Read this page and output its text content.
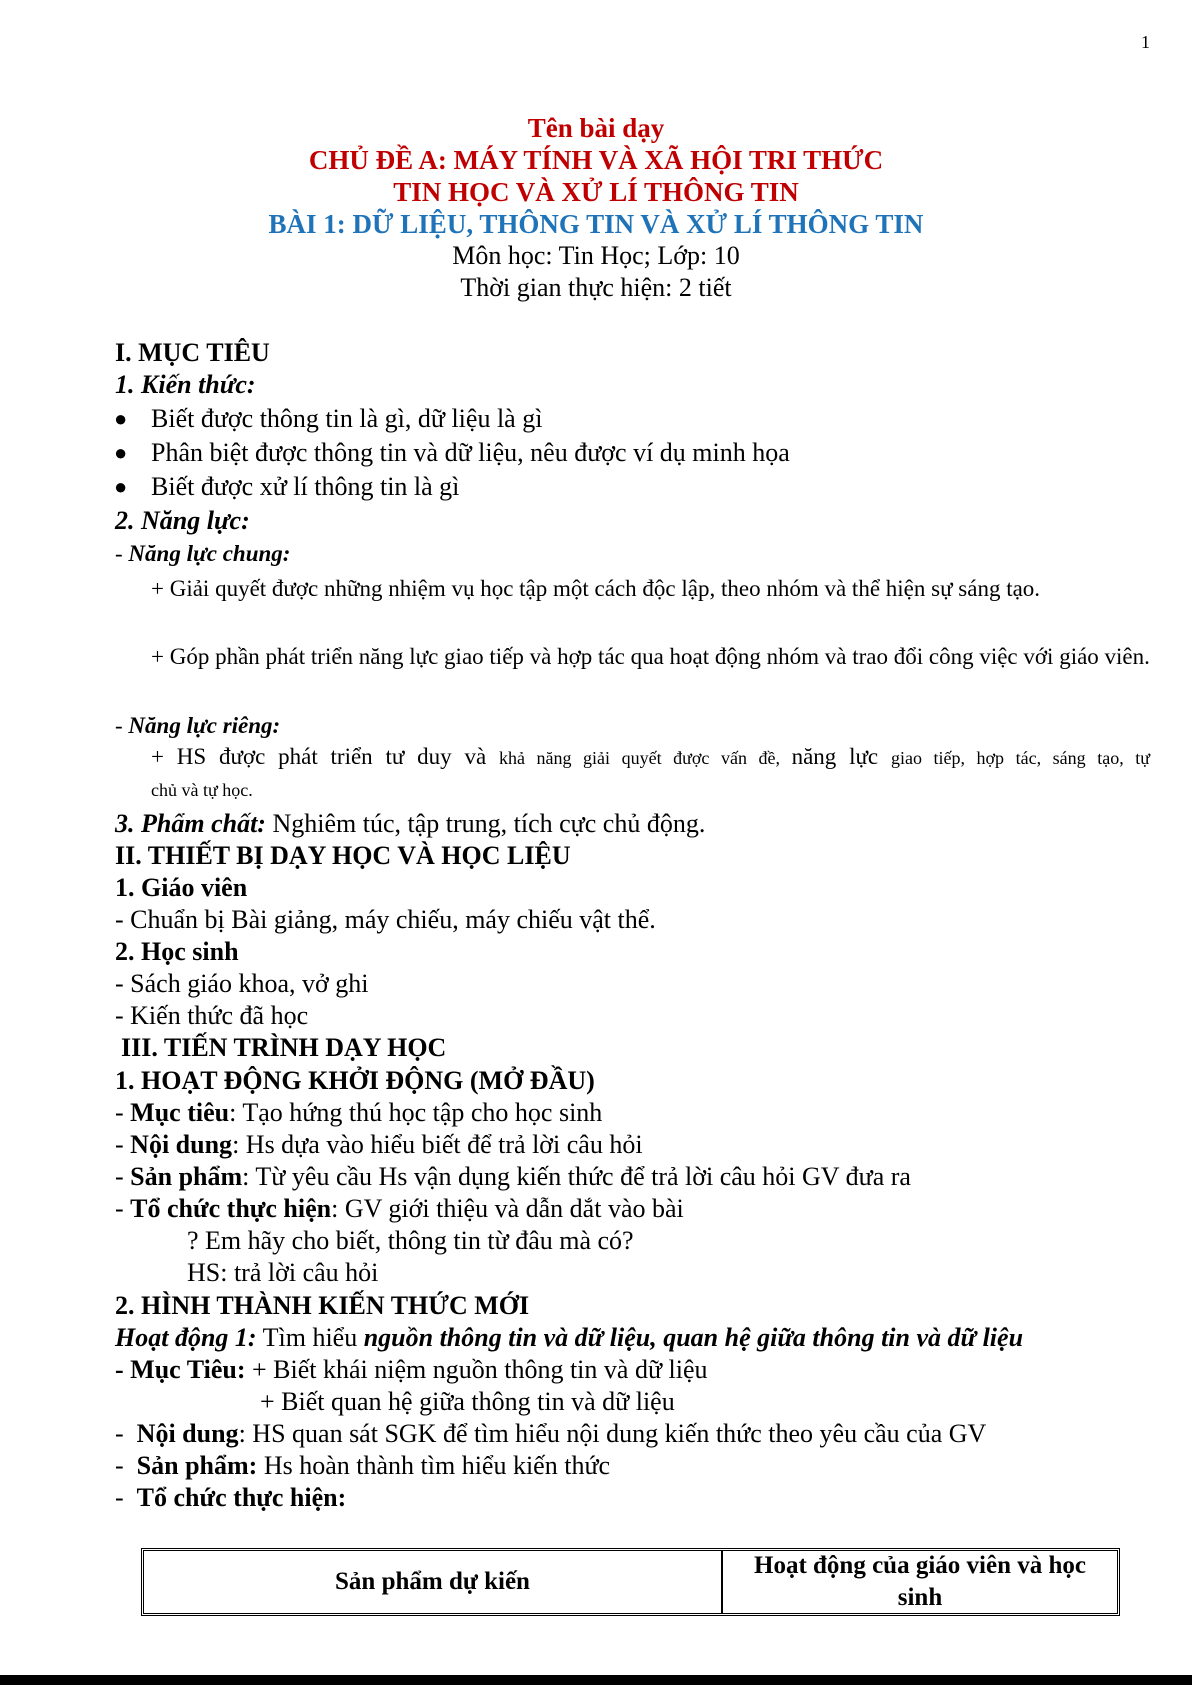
1
Tên bài dạy
CHỦ ĐỀ A: MÁY TÍNH VÀ XÃ HỘI TRI THỨC
TIN HỌC VÀ XỬ LÍ THÔNG TIN
BÀI 1: DỮ LIỆU, THÔNG TIN VÀ XỬ LÍ THÔNG TIN
Môn học: Tin Học; Lớp: 10
Thời gian thực hiện: 2 tiết
I. MỤC TIÊU
1. Kiến thức:
● Biết được thông tin là gì, dữ liệu là gì
● Phân biệt được thông tin và dữ liệu, nêu được ví dụ minh họa
● Biết được xử lí thông tin là gì
2. Năng lực:
- Năng lực chung:
+ Giải quyết được những nhiệm vụ học tập một cách độc lập, theo nhóm và thể hiện sự sáng tạo.
+ Góp phần phát triển năng lực giao tiếp và hợp tác qua hoạt động nhóm và trao đổi công việc với giáo viên.
- Năng lực riêng:
+ HS được phát triển tư duy và khả năng giải quyết được vấn đề, năng lực giao tiếp, hợp tác, sáng tạo, tự
chủ và tự học.
3. Phẩm chất: Nghiêm túc, tập trung, tích cực chủ động.
II. THIẾT BỊ DẠY HỌC VÀ HỌC LIỆU
1. Giáo viên
- Chuẩn bị Bài giảng, máy chiếu, máy chiếu vật thể.
2. Học sinh
- Sách giáo khoa, vở ghi
- Kiến thức đã học
III. TIẾN TRÌNH DẠY HỌC
1. HOẠT ĐỘNG KHỞI ĐỘNG (MỞ ĐẦU)
- Mục tiêu: Tạo hứng thú học tập cho học sinh
- Nội dung: Hs dựa vào hiểu biết để trả lời câu hỏi
- Sản phẩm: Từ yêu cầu Hs vận dụng kiến thức để trả lời câu hỏi GV đưa ra
- Tổ chức thực hiện: GV giới thiệu và dẫn dắt vào bài
? Em hãy cho biết, thông tin từ đâu mà có?
HS: trả lời câu hỏi
2. HÌNH THÀNH KIẾN THỨC MỚI
Hoạt động 1: Tìm hiểu nguồn thông tin và dữ liệu, quan hệ giữa thông tin và dữ liệu
- Mục Tiêu: + Biết khái niệm nguồn thông tin và dữ liệu
+ Biết quan hệ giữa thông tin và dữ liệu
-  Nội dung: HS quan sát SGK để tìm hiểu nội dung kiến thức theo yêu cầu của GV
-  Sản phẩm: Hs hoàn thành tìm hiểu kiến thức
-  Tổ chức thực hiện:
Sản phẩm dự kiến
Hoạt động của giáo viên và học sinh
